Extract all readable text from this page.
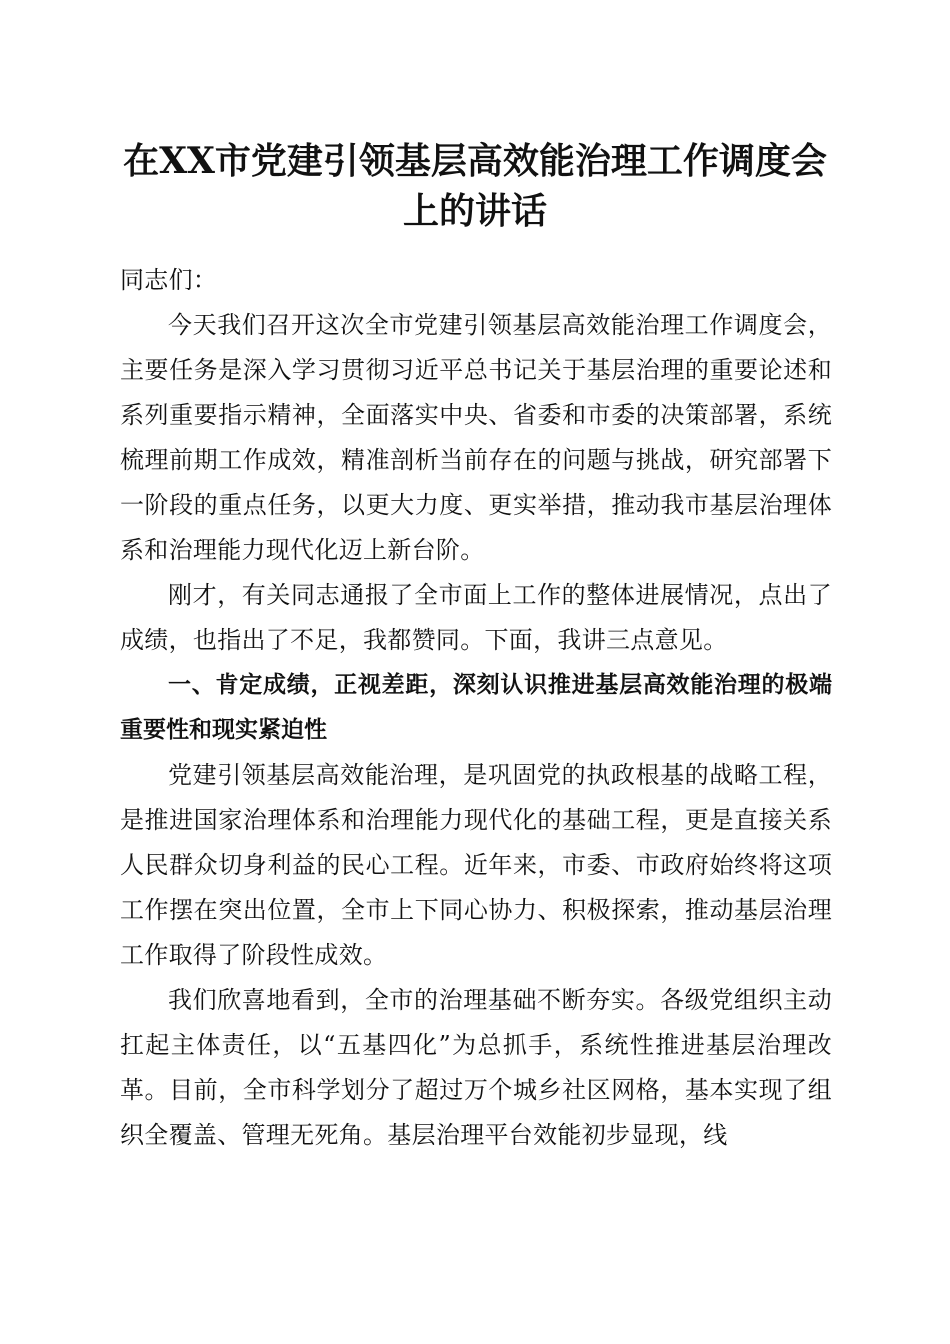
在XX市党建引领基层高效能治理工作调度会
上的讲话

同志们：

今天我们召开这次全市党建引领基层高效能治理工作调度会，主要任务是深入学习贯彻习近平总书记关于基层治理的重要论述和系列重要指示精神，全面落实中央、省委和市委的决策部署，系统梳理前期工作成效，精准剖析当前存在的问题与挑战，研究部署下一阶段的重点任务，以更大力度、更实举措，推动我市基层治理体系和治理能力现代化迈上新台阶。

刚才，有关同志通报了全市面上工作的整体进展情况，点出了成绩，也指出了不足，我都赞同。下面，我讲三点意见。

一、肯定成绩，正视差距，深刻认识推进基层高效能治理的极端重要性和现实紧迫性

党建引领基层高效能治理，是巩固党的执政根基的战略工程，是推进国家治理体系和治理能力现代化的基础工程，更是直接关系人民群众切身利益的民心工程。近年来，市委、市政府始终将这项工作摆在突出位置，全市上下同心协力、积极探索，推动基层治理工作取得了阶段性成效。

我们欣喜地看到，全市的治理基础不断夯实。各级党组织主动扛起主体责任，以“五基四化”为总抓手，系统性推进基层治理改革。目前，全市科学划分了超过万个城乡社区网格，基本实现了组织全覆盖、管理无死角。基层治理平台效能初步显现，线
